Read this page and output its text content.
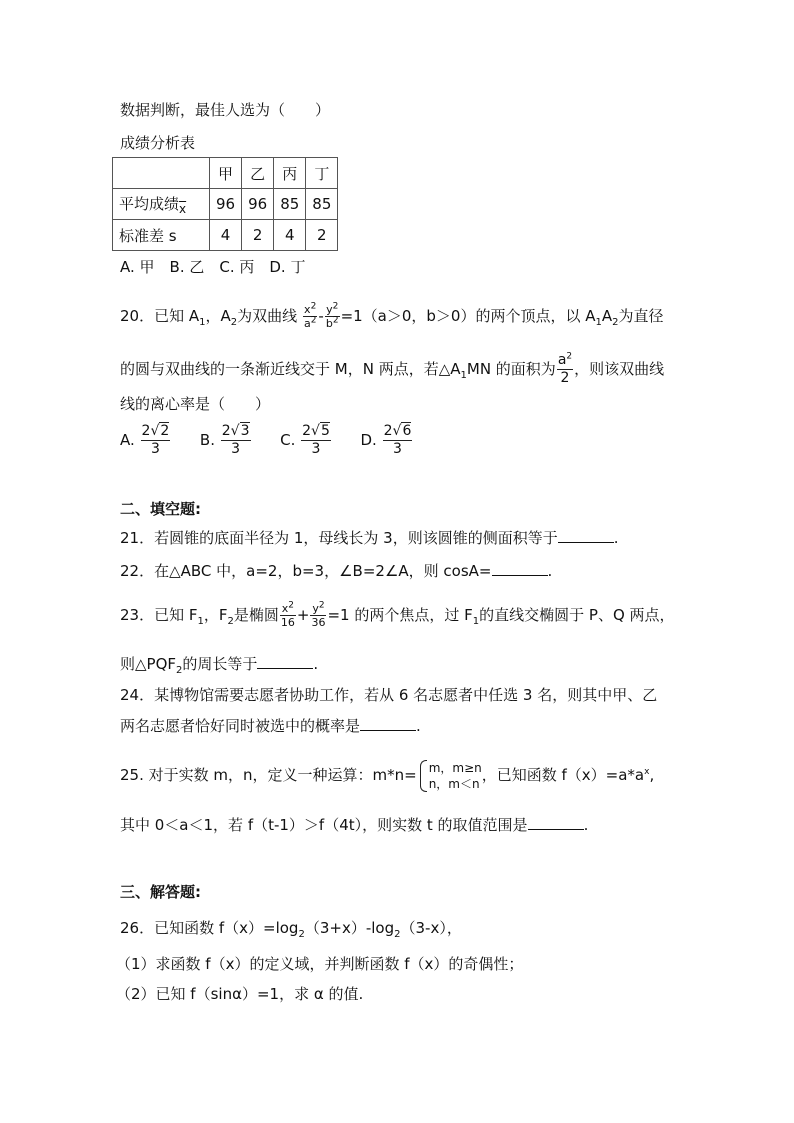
数据判断，最佳人选为（　　）
成绩分析表
	甲	乙	丙	丁
平均成绩$_{\overline{x}}$	96	96	85	85
标准差 s	4	2	4	2
A. 甲　B. 乙　C. 丙　D. 丁
20．已知 $A_1$，$A_2$为双曲线 $\frac{x^2}{a^2} - \frac{y^2}{b^2} =1(a>0$，b＞0）的两个顶点，以 $A_1A_2$为直径
的圆与双曲线的一条渐近线交于 M，N 两点，若$\triangle A_1MN$ 的面积为 $\frac{a^2}{2}$ ，则该双曲线
线的离心率是（　　）
A. $\frac{2√2}{3} B$. $\frac{2√3}{3} C$. $\frac{2√5}{3} D$. $\frac{2√6}{3}$
二、填空题:
21．若圆锥的底面半径为 1，母线长为 3，则该圆锥的侧面积等于	.
22．在△ABC 中，a=2，b=3，∠B=2∠A，则 cosA=	.
23．已知 $F_1$，$F_2$是椭圆 $\frac{x^2}{16} + \frac{y^2}{36} =1$ 的两个焦点，过 $F_1$的直线交椭圆于 P、Q 两点，
则$\triangle PQF_2$的周长等于	.
24．某博物馆需要志愿者协助工作，若从 6 名志愿者中任选 3 名，则其中甲、乙
两名志愿者恰好同时被选中的概率是	.
25. 对于实数 m，n，定义一种运算：m*n= m，m≥n
n，m＜n ，已知函数 $f(x)=a*a^x$,
其中 0＜a＜1，若 f（t-1）＞f（4t），则实数 t 的取值范围是	.
三、解答题:
26．已知函数 $f(x)=\log_2(3+x)-\log_2(3-x)$，
（1）求函数 f（x）的定义域，并判断函数 f（x）的奇偶性；
（2）已知 f（sinα）=1，求 α 的值.
